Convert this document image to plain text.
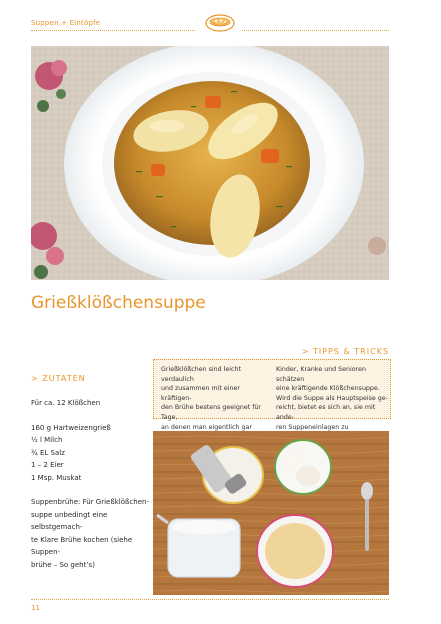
Suppen + Eintöpfe
Grießklößchensuppe
> TIPPS & TRICKS
Grießklößchen sind leicht verdaulich
und zusammen mit einer kräftigen-
den Brühe bestens geeignet für Tage,
an denen man eigentlich gar
Kinder, Kranke und Senioren schätzen
eine kräftigende Klößchensuppe.
Wird die Suppe als Hauptspeise ge-
reicht, bietet es sich an, sie mit ande-
ren Suppeneinlagen zu
> ZUTATEN
Für ca. 12 Klößchen
160 g Hartweizengrieß
½ l Milch
¾ EL Salz
1 – 2 Eier
1 Msp. Muskat
Suppenbrühe: Für Grießklößchen-
suppe unbedingt eine selbstgemach-
te Klare Brühe kochen (siehe Suppen-
brühe – So geht’s)
11
